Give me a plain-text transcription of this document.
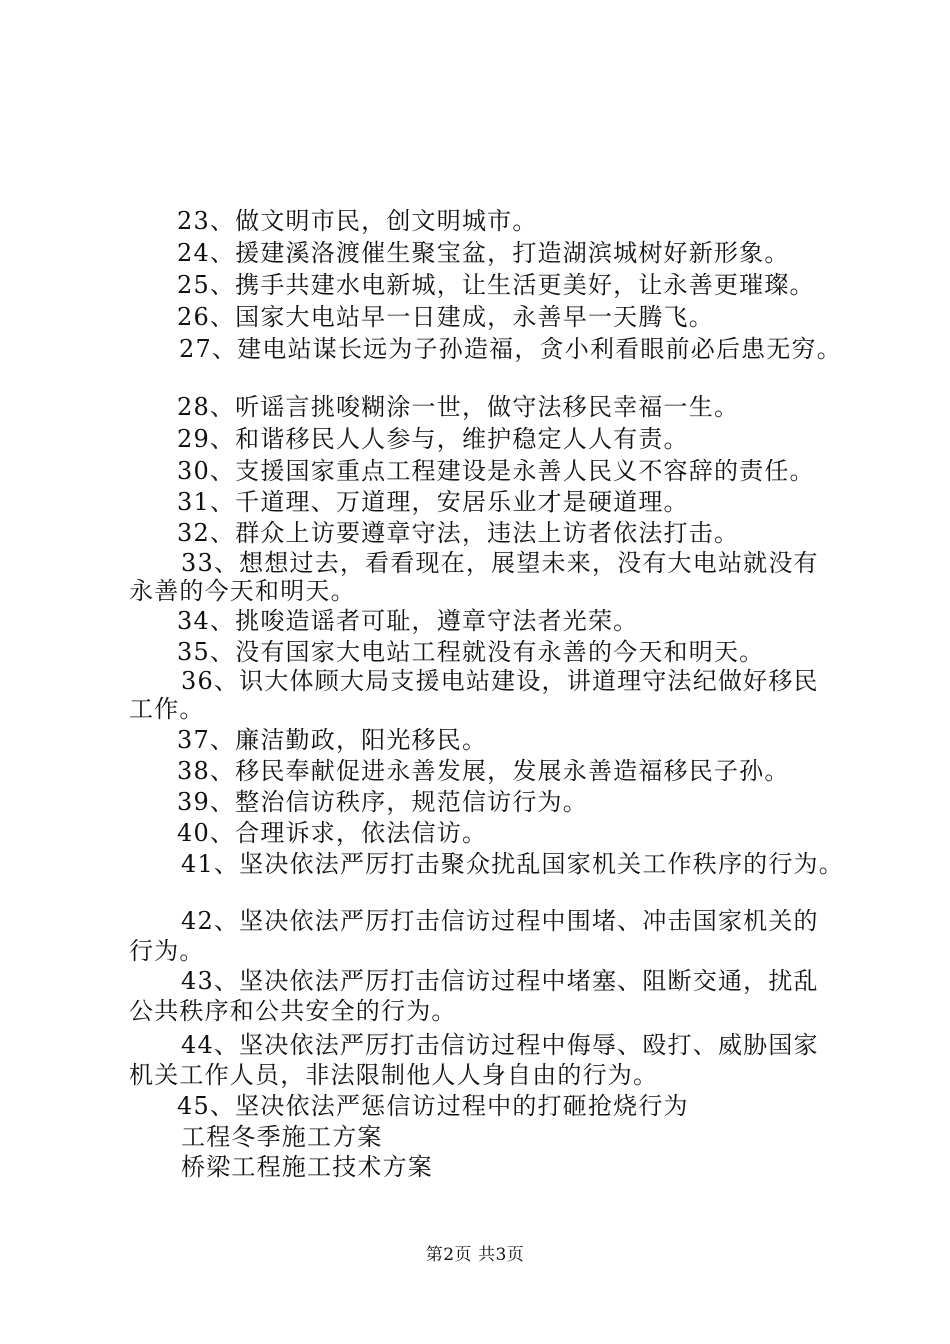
23、做文明市民，创文明城市。
24、援建溪洛渡催生聚宝盆，打造湖滨城树好新形象。
25、携手共建水电新城，让生活更美好，让永善更璀璨。
26、国家大电站早一日建成，永善早一天腾飞。
27、建电站谋长远为子孙造福，贪小利看眼前必后患无穷。
28、听谣言挑唆糊涂一世，做守法移民幸福一生。
29、和谐移民人人参与，维护稳定人人有责。
30、支援国家重点工程建设是永善人民义不容辞的责任。
31、千道理、万道理，安居乐业才是硬道理。
32、群众上访要遵章守法，违法上访者依法打击。
33、想想过去，看看现在，展望未来，没有大电站就没有
永善的今天和明天。
34、挑唆造谣者可耻，遵章守法者光荣。
35、没有国家大电站工程就没有永善的今天和明天。
36、识大体顾大局支援电站建设，讲道理守法纪做好移民
工作。
37、廉洁勤政，阳光移民。
38、移民奉献促进永善发展，发展永善造福移民子孙。
39、整治信访秩序，规范信访行为。
40、合理诉求，依法信访。
41、坚决依法严厉打击聚众扰乱国家机关工作秩序的行为。
42、坚决依法严厉打击信访过程中围堵、冲击国家机关的
行为。
43、坚决依法严厉打击信访过程中堵塞、阻断交通，扰乱
公共秩序和公共安全的行为。
44、坚决依法严厉打击信访过程中侮辱、殴打、威胁国家
机关工作人员，非法限制他人人身自由的行为。
45、坚决依法严惩信访过程中的打砸抢烧行为
工程冬季施工方案
桥梁工程施工技术方案
第2页 共3页
